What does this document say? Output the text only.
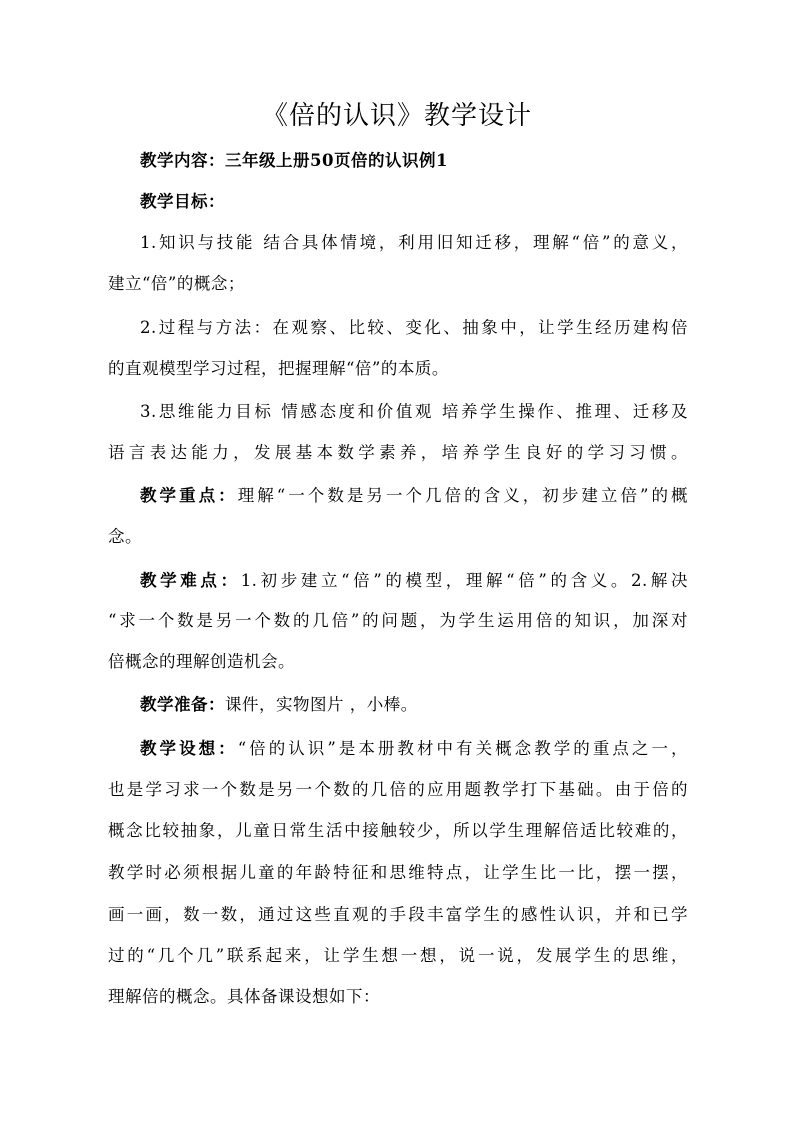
《倍的认识》教学设计
教学内容：三年级上册50页倍的认识例1
教学目标：
1.知识与技能 结合具体情境，利用旧知迁移，理解“倍”的意义，
建立“倍”的概念；
2.过程与方法：在观察、比较、变化、抽象中，让学生经历建构倍
的直观模型学习过程，把握理解“倍”的本质。
3.思维能力目标 情感态度和价值观 培养学生操作、推理、迁移及
语言表达能力，发展基本数学素养，培养学生良好的学习习惯。
教学重点：理解“一个数是另一个几倍的含义，初步建立倍”的概
念。
教学难点：1.初步建立“倍”的模型，理解“倍”的含义。2.解决
“求一个数是另一个数的几倍”的问题，为学生运用倍的知识，加深对
倍概念的理解创造机会。
教学准备：课件，实物图片 ，小棒。
教学设想：“倍的认识”是本册教材中有关概念教学的重点之一，
也是学习求一个数是另一个数的几倍的应用题教学打下基础。由于倍的
概念比较抽象，儿童日常生活中接触较少，所以学生理解倍适比较难的，
教学时必须根据儿童的年龄特征和思维特点，让学生比一比，摆一摆，
画一画，数一数，通过这些直观的手段丰富学生的感性认识，并和已学
过的“几个几”联系起来，让学生想一想，说一说，发展学生的思维，
理解倍的概念。具体备课设想如下：
